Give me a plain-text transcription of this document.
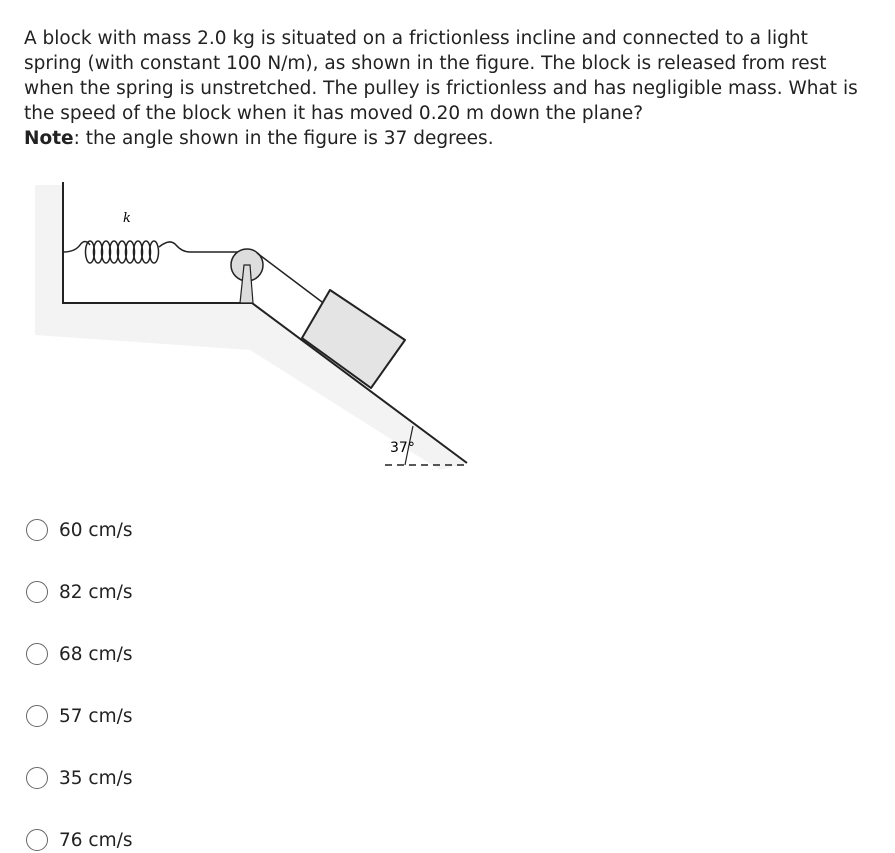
A block with mass 2.0 kg is situated on a frictionless incline and connected to a light spring (with constant 100 N/m), as shown in the figure. The block is released from rest when the spring is unstretched. The pulley is frictionless and has negligible mass. What is the speed of the block when it has moved 0.20 m down the plane?
Note: the angle shown in the figure is 37 degrees.
k
37°
60 cm/s
82 cm/s
68 cm/s
57 cm/s
35 cm/s
76 cm/s
